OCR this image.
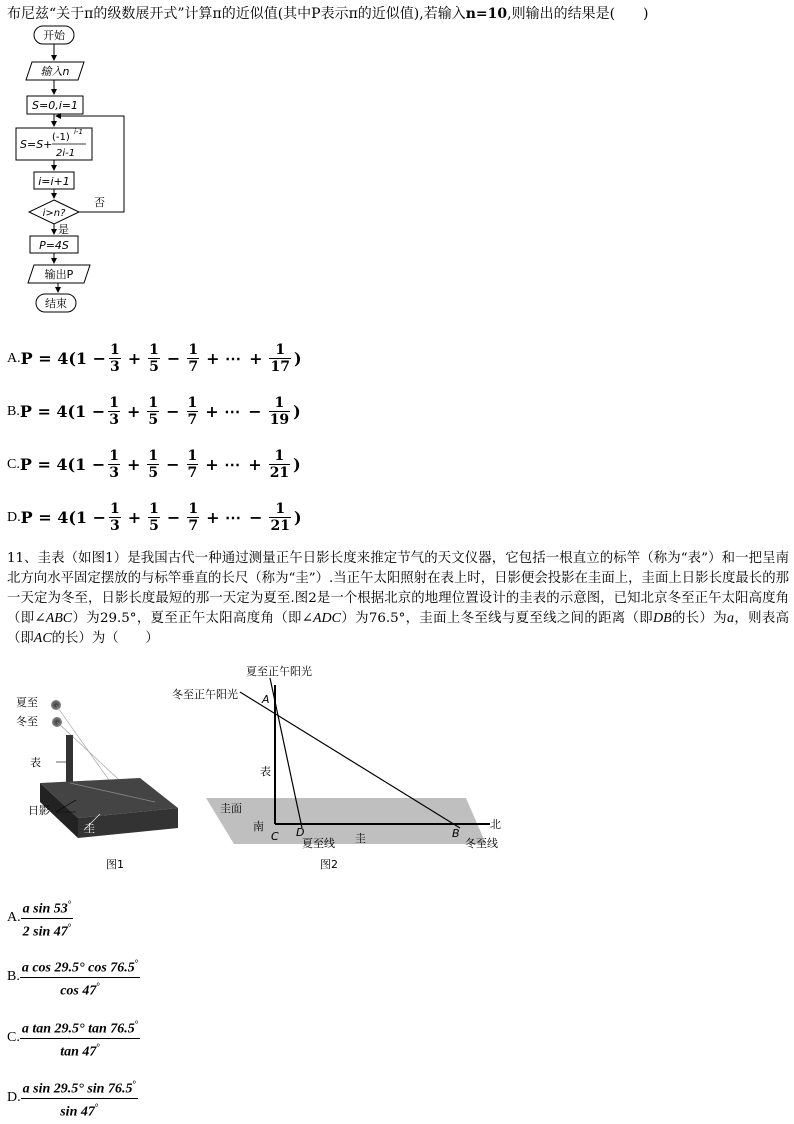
布尼兹“关于π的级数展开式”计算π的近似值(其中P表示π的近似值),若输入n=10,则输出的结果是(　　)
开始
输入n
S=0,i=1
S=S+
(-1) i-1
2i-1
i=i+1
i>n?
是
否
P=4S
输出P
结束
A. $P = 4(1 - \frac{1}{3} + \frac{1}{5} - \frac{1}{7}$ + ⋯ + $\frac{1}{17}$ )
B. $P = 4(1 - \frac{1}{3} + \frac{1}{5} - \frac{1}{7}$ + ⋯ − $\frac{1}{19}$ )
C. $P = 4(1 - \frac{1}{3} + \frac{1}{5} - \frac{1}{7}$ + ⋯ + $\frac{1}{21}$ )
D. $P = 4(1 - \frac{1}{3} + \frac{1}{5} - \frac{1}{7}$ + ⋯ − $\frac{1}{21}$ )
11、圭表（如图1）是我国古代一种通过测量正午日影长度来推定节气的天文仪器，它包括一根直立的标竿（称为“表”）和一把呈南北方向水平固定摆放的与标竿垂直的长尺（称为“圭”）.当正午太阳照射在表上时，日影便会投影在圭面上，圭面上日影长度最长的那一天定为冬至，日影长度最短的那一天定为夏至.图2是一个根据北京的地理位置设计的圭表的示意图，已知北京冬至正午太阳高度角（即∠ABC）为29.5°，夏至正午太阳高度角（即∠ADC）为76.5°，圭面上冬至线与夏至线之间的距离（即DB的长）为a，则表高（即AC的长）为（　　）
夏至
冬至
表
日影
圭
图1
夏至正午阳光
冬至正午阳光 A
表
圭面
南
C D
夏至线 圭	B
冬至线
北
图2
A. $\frac{a \sin 53^\circ}{2 \sin 47^\circ}$
B. $\frac{a \cos 29.5^\circ \cos 76.5^\circ}{\cos 47^\circ}$
C. $\frac{a \tan 29.5^\circ \tan 76.5^\circ}{\tan 47^\circ}$
D. $\frac{a \sin 29.5^\circ \sin 76.5^\circ}{\sin 47^\circ}$
